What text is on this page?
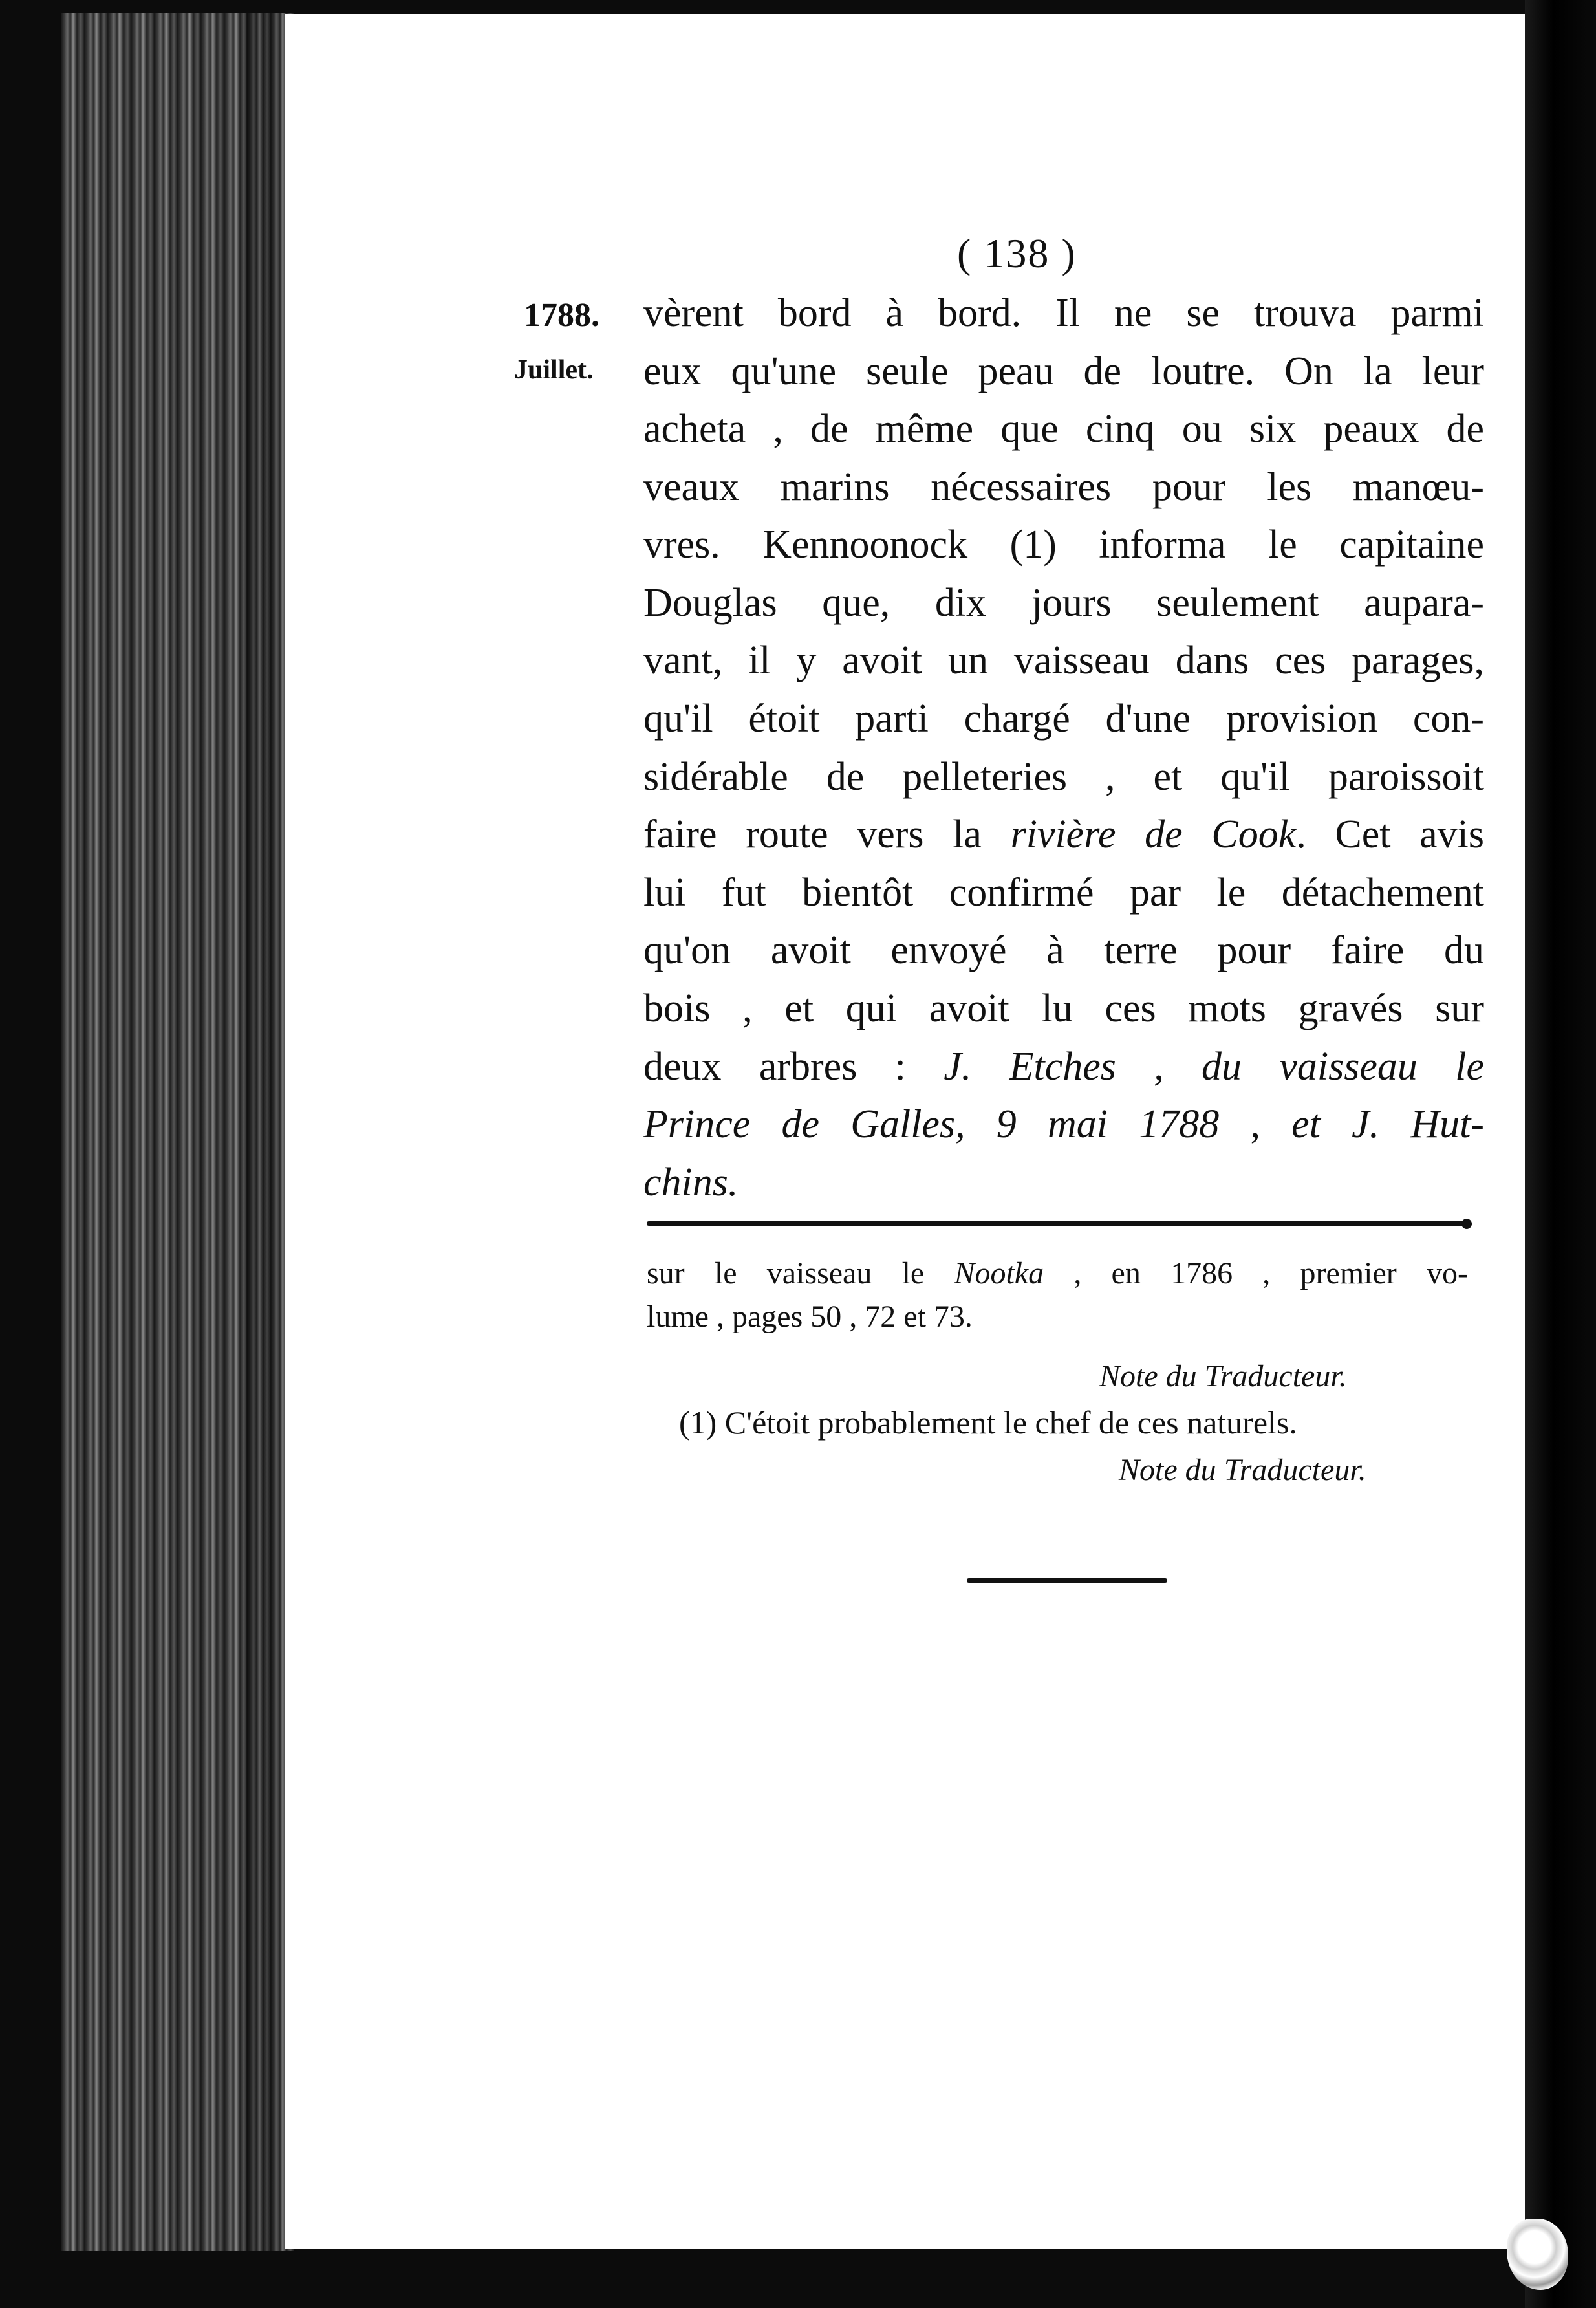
( 138 )
1788.
Juillet.
vèrent bord à bord. Il ne se trouva parmi
eux qu'une seule peau de loutre. On la leur
acheta , de même que cinq ou six peaux de
veaux marins nécessaires pour les manœu-
vres. Kennoonock (1) informa le capitaine
Douglas que, dix jours seulement aupara-
vant, il y avoit un vaisseau dans ces parages,
qu'il étoit parti chargé d'une provision con-
sidérable de pelleteries , et qu'il paroissoit
faire route vers la rivière de Cook. Cet avis
lui fut bientôt confirmé par le détachement
qu'on avoit envoyé à terre pour faire du
bois , et qui avoit lu ces mots gravés sur
deux arbres : J. Etches , du vaisseau le
Prince de Galles, 9 mai 1788 , et J. Hut-
chins.
sur le vaisseau le Nootka , en 1786 , premier vo-
lume , pages 50 , 72 et 73.
Note du Traducteur.
(1) C'étoit probablement le chef de ces naturels.
Note du Traducteur.
